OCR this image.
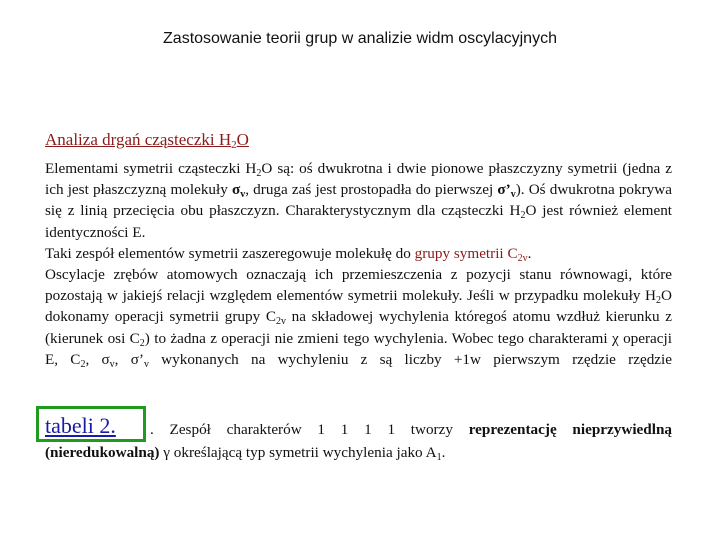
Zastosowanie teorii grup w analizie widm oscylacyjnych
Analiza drgań cząsteczki $H_2O$

Elementami symetrii cząsteczki $H_2O$ są: oś dwukrotna i dwie pionowe płaszczyzny symetrii (jedna z ich jest płaszczyzną molekuły $\sigma_v$, druga zaś jest prostopadła do pierwszej $\sigma’_v$). Oś dwukrotna pokrywa się z linią przecięcia obu płaszczyzn. Charakterystycznym dla cząsteczki $H_2O$ jest również element identyczności E.

Taki zespół elementów symetrii zaszeregowuje molekułę do grupy symetrii $C_{2v}$.

Oscylacje zrębów atomowych oznaczają ich przemieszczenia z pozycji stanu równowagi, które pozostają w jakiejś relacji względem elementów symetrii molekuły. Jeśli w przypadku molekuły $H_2O$ dokonamy operacji symetrii grupy $C_{2v}$ na składowej wychylenia któregoś atomu wzdłuż kierunku z (kierunek osi $C_2$) to żadna z operacji nie zmieni tego wychylenia. Wobec tego charakterami χ operacji E, $C_2$, $\sigma_v$, $\sigma’_v$ wykonanych na wychyleniu z są liczby +1w pierwszym rzędzie rzędzie

tabeli 2. . Zespół charakterów 1 1 1 1 tworzy reprezentację nieprzywiedlną
(nieredukowalną) γ określającą typ symetrii wychylenia jako $A_1$.
